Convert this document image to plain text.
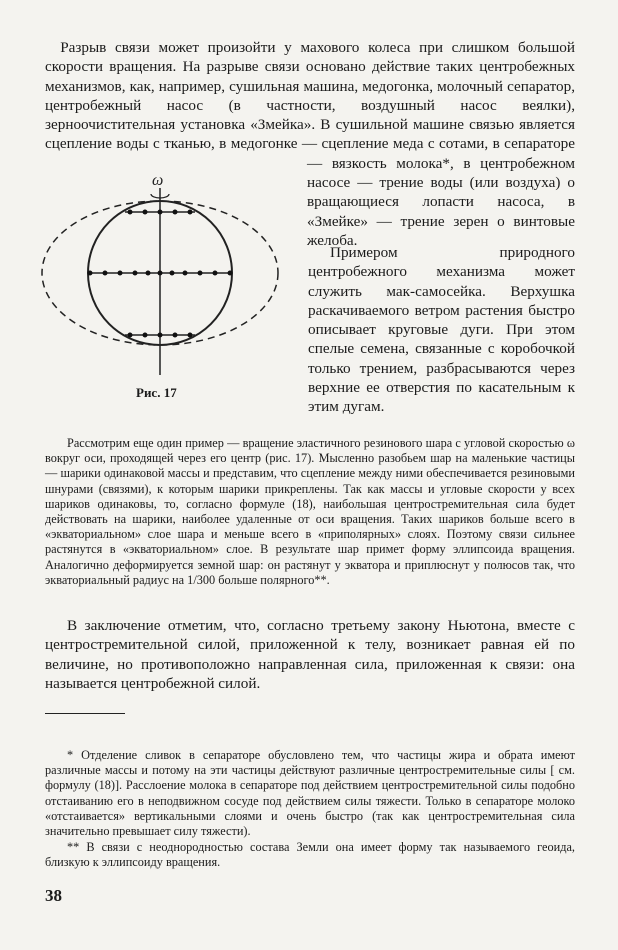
 Разрыв связи может произойти у махового колеса при слишком большой скорости вращения. На разрыве связи основано действие таких центробежных механизмов, как, например, сушильная машина, медогонка, молочный сепаратор, центробежный насос (в частности, воздушный насос веялки), зерноочистительная установка «Змейка». В сушильной машине связью является сцепление воды с тканью, в медогонке — сцепление меда с сотами, в сепараторе — вязкость молока*, в центробежном насосе — трение воды (или воздуха) о вращающиеся лопасти насоса, в «Змейке» — трение зерен о винтовые желоба.

ω
Рис. 17

Примером природного центробежного механизма может служить мак-самосейка. Верхушка раскачиваемого ветром растения быстро описывает круговые дуги. При этом спелые семена, связанные с коробочкой только трением, разбрасываются через верхние ее отверстия по касательным к этим дугам.

Рассмотрим еще один пример — вращение эластичного резинового шара с угловой скоростью ω вокруг оси, проходящей через его центр (рис. 17). Мысленно разобьем шар на маленькие частицы — шарики одинаковой массы и представим, что сцепление между ними обеспечивается резиновыми шнурами (связями), к которым шарики прикреплены. Так как массы и угловые скорости у всех шариков одинаковы, то, согласно формуле (18), наибольшая центростремительная сила будет действовать на шарики, наиболее удаленные от оси вращения. Таких шариков больше всего в «экваториальном» слое шара и меньше всего в «приполярных» слоях. Поэтому связи сильнее растянутся в «экваториальном» слое. В результате шар примет форму эллипсоида вращения. Аналогично деформируется земной шар: он растянут у экватора и приплюснут у полюсов так, что экваториальный радиус на 1/300 больше полярного**.

В заключение отметим, что, согласно третьему закону Ньютона, вместе с центростремительной силой, приложенной к телу, возникает равная ей по величине, но противоположно направленная сила, приложенная к связи: она называется центробежной силой.

* Отделение сливок в сепараторе обусловлено тем, что частицы жира и обрата имеют различные массы и потому на эти частицы действуют различные центростремительные силы [ см. формулу (18)]. Расслоение молока в сепараторе под действием центростремительной силы подобно отстаиванию его в неподвижном сосуде под действием силы тяжести. Только в сепараторе молоко «отстаивается» вертикальными слоями и очень быстро (так как центростремительная сила значительно превышает силу тяжести).

** В связи с неоднородностью состава Земли она имеет форму так называемого геоида, близкую к эллипсоиду вращения.

38
